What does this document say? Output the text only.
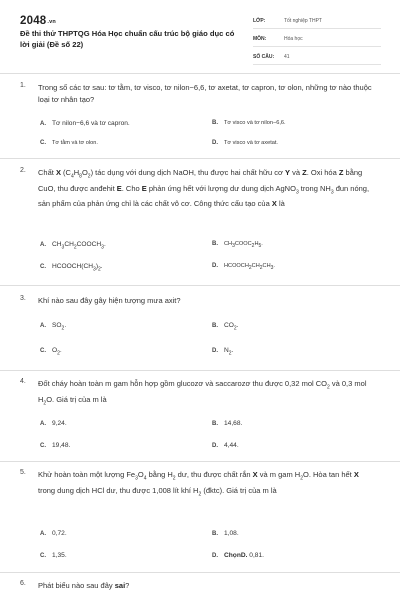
2048.vn
Đề thi thử THPTQG Hóa Học chuẩn cấu trúc bộ giáo dục có lời giải (Đề số 22)
LỚP:	Tốt nghiệp THPT
MÔN:	Hóa học
SỐ CÂU:	41
1. Trong số các tơ sau: tơ tằm, tơ visco, tơ nilon−6,6, tơ axetat, tơ capron, tơ olon, những tơ nào thuộc loại tơ nhân tạo?
A. Tơ nilon−6,6 và tơ capron.	B. Tơ visco và tơ nilon−6,6.
C. Tơ tằm và tơ olon.	D. Tơ visco và tơ axetat.
2. Chất X $(C_4H_8O_2)$ tác dụng với dung dịch NaOH, thu được hai chất hữu cơ Y và Z. Oxi hóa Z bằng CuO, thu được anđehit E. Cho E phản ứng hết với lượng dư dung dịch AgNO$_3$ trong $NH_3$ đun nóng, sản phẩm của phản ứng chỉ là các chất vô cơ. Công thức cấu tạo của X là
A. $CH_3CH_2COOCH_3$.	B. $CH_3COOC_2H_5$.
C. $HCOOCH(CH_3)_2$.	D. $HCOOCH_2CH_2CH_3$.
3. Khí nào sau đây gây hiện tượng mưa axit?
A. $SO_2$.	B. $CO_2$.
C. $O_2$.	D. $N_2$.
4. Đốt cháy hoàn toàn m gam hỗn hợp gồm glucozơ và saccarozơ thu được 0,32 mol $CO_2$ và 0,3 mol $H_2O$. Giá trị của m là
A. 9,24.	B. 14,68.
C. 19,48.	D. 4,44.
5. Khử hoàn toàn một lượng $Fe_3O_4$ bằng $H_2$ dư, thu được chất rắn X và m gam $H_2O$. Hòa tan hết X trong dung dịch HCl dư, thu được 1,008 lít khí $H_2$ (đktc). Giá trị của m là
A. 0,72.	B. 1,08.
C. 1,35.	D. ChọnD. 0,81.
6. Phát biểu nào sau đây sai?
